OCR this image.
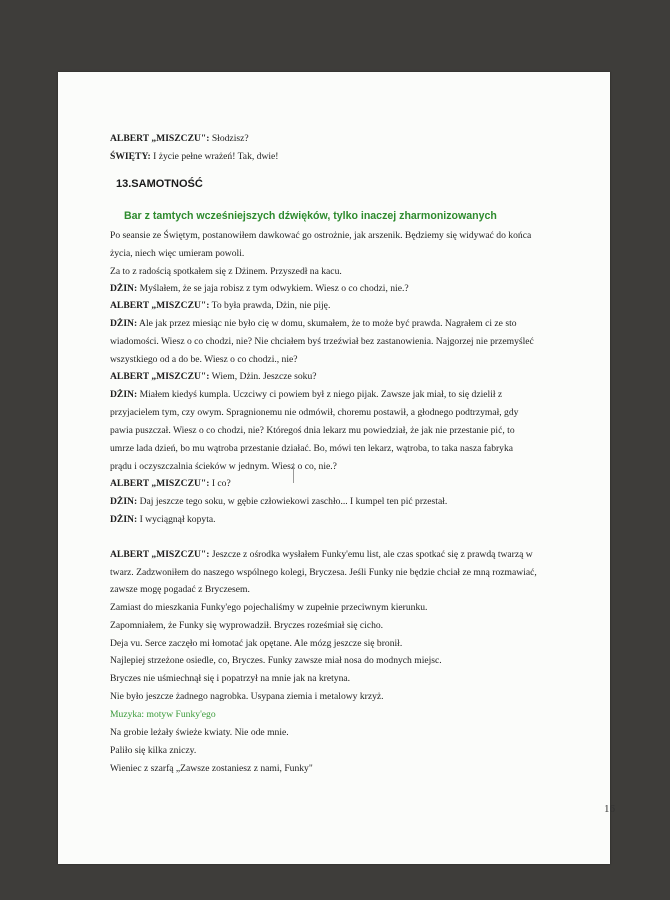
ALBERT „MISZCZU": Słodzisz?
ŚWIĘTY: I życie pełne wrażeń! Tak, dwie!
13.SAMOTNOŚĆ
Bar z tamtych wcześniejszych dźwięków, tylko inaczej zharmonizowanych
Po seansie ze Świętym, postanowiłem dawkować go ostrożnie, jak arszenik. Będziemy się widywać do końca
życia, niech więc umieram powoli.
Za to z radością spotkałem się z Dżinem. Przyszedł na kacu.
DŻIN: Myślałem, że se jaja robisz z tym odwykiem. Wiesz o co chodzi, nie.?
ALBERT „MISZCZU": To była prawda, Dżin, nie piję.
DŻIN: Ale jak przez miesiąc nie było cię w domu, skumałem, że to może być prawda. Nagrałem ci ze sto
wiadomości. Wiesz o co chodzi, nie? Nie chciałem byś trzeźwiał bez zastanowienia. Najgorzej nie przemyśleć
wszystkiego od a do be. Wiesz o co chodzi., nie?
ALBERT „MISZCZU": Wiem, Dżin. Jeszcze soku?
DŻIN: Miałem kiedyś kumpla. Uczciwy ci powiem był z niego pijak. Zawsze jak miał, to się dzielił z
przyjacielem tym, czy owym. Spragnionemu nie odmówił, choremu postawił, a głodnego podtrzymał, gdy
pawia puszczał. Wiesz o co chodzi, nie? Któregoś dnia lekarz mu powiedział, że jak nie przestanie pić, to
umrze lada dzień, bo mu wątroba przestanie działać. Bo, mówi ten lekarz, wątroba, to taka nasza fabryka
prądu i oczyszczalnia ścieków w jednym. Wiesz o co, nie.?
ALBERT „MISZCZU": I co?
DŻIN: Daj jeszcze tego soku, w gębie człowiekowi zaschło... I kumpel ten pić przestał.
DŻIN: I wyciągnął kopyta.
ALBERT „MISZCZU": Jeszcze z ośrodka wysłałem Funky'emu list, ale czas spotkać się z prawdą twarzą w
twarz. Zadzwoniłem do naszego wspólnego kolegi, Bryczesa. Jeśli Funky nie będzie chciał ze mną rozmawiać,
zawsze mogę pogadać z Bryczesem.
Zamiast do mieszkania Funky'ego pojechaliśmy w zupełnie przeciwnym kierunku.
Zapomniałem, że Funky się wyprowadził. Bryczes roześmiał się cicho.
Deja vu. Serce zaczęło mi łomotać jak opętane. Ale mózg jeszcze się bronił.
Najlepiej strzeżone osiedle, co, Bryczes. Funky zawsze miał nosa do modnych miejsc.
Bryczes nie uśmiechnął się i popatrzył na mnie jak na kretyna.
Nie było jeszcze żadnego nagrobka. Usypana ziemia i metalowy krzyż.
Muzyka: motyw Funky'ego
Na grobie leżały świeże kwiaty. Nie ode mnie.
Paliło się kilka zniczy.
Wieniec z szarfą „Zawsze zostaniesz z nami, Funky"
16
